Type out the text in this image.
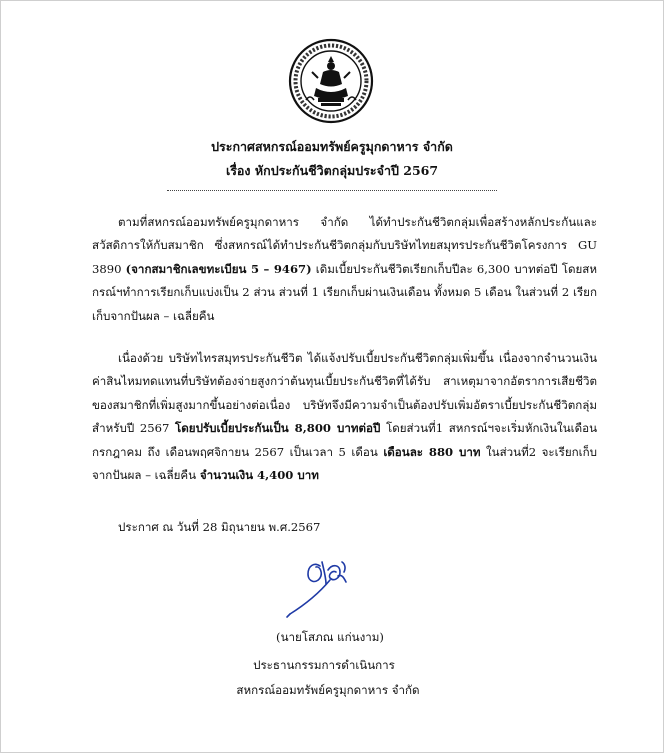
ประกาศสหกรณ์ออมทรัพย์ครูมุกดาหาร จำกัด
เรื่อง หักประกันชีวิตกลุ่มประจำปี 2567

ตามที่สหกรณ์ออมทรัพย์ครูมุกดาหาร จำกัด ได้ทำประกันชีวิตกลุ่มเพื่อสร้างหลักประกันและสวัสดิการให้กับสมาชิก ซึ่งสหกรณ์ได้ทำประกันชีวิตกลุ่มกับบริษัทไทยสมุทรประกันชีวิตโครงการ GU 3890 (จากสมาชิกเลขทะเบียน 5 – 9467) เดิมเบี้ยประกันชีวิตเรียกเก็บปีละ 6,300 บาทต่อปี โดยสหกรณ์ฯทำการเรียกเก็บแบ่งเป็น 2 ส่วน ส่วนที่ 1 เรียกเก็บผ่านเงินเดือน ทั้งหมด 5 เดือน ในส่วนที่ 2 เรียกเก็บจากปันผล – เฉลี่ยคืน

เนื่องด้วย บริษัทไทรสมุทรประกันชีวิต ได้แจ้งปรับเบี้ยประกันชีวิตกลุ่มเพิ่มขึ้น เนื่องจากจำนวนเงินค่าสินไหมทดแทนที่บริษัทต้องจ่ายสูงกว่าต้นทุนเบี้ยประกันชีวิตที่ได้รับ สาเหตุมาจากอัตราการเสียชีวิตของสมาชิกที่เพิ่มสูงมากขึ้นอย่างต่อเนื่อง บริษัทจึงมีความจำเป็นต้องปรับเพิ่มอัตราเบี้ยประกันชีวิตกลุ่มสำหรับปี 2567 โดยปรับเบี้ยประกันเป็น 8,800 บาทต่อปี โดยส่วนที่1 สหกรณ์ฯจะเริ่มหักเงินในเดือนกรกฎาคม ถึง เดือนพฤศจิกายน 2567 เป็นเวลา 5 เดือน เดือนละ 880 บาท ในส่วนที่2 จะเรียกเก็บจากปันผล – เฉลี่ยคืน จำนวนเงิน 4,400 บาท

ประกาศ ณ วันที่ 28 มิถุนายน พ.ศ.2567
(นายโสภณ แก่นงาม)
ประธานกรรมการดำเนินการ
สหกรณ์ออมทรัพย์ครูมุกดาหาร จำกัด
